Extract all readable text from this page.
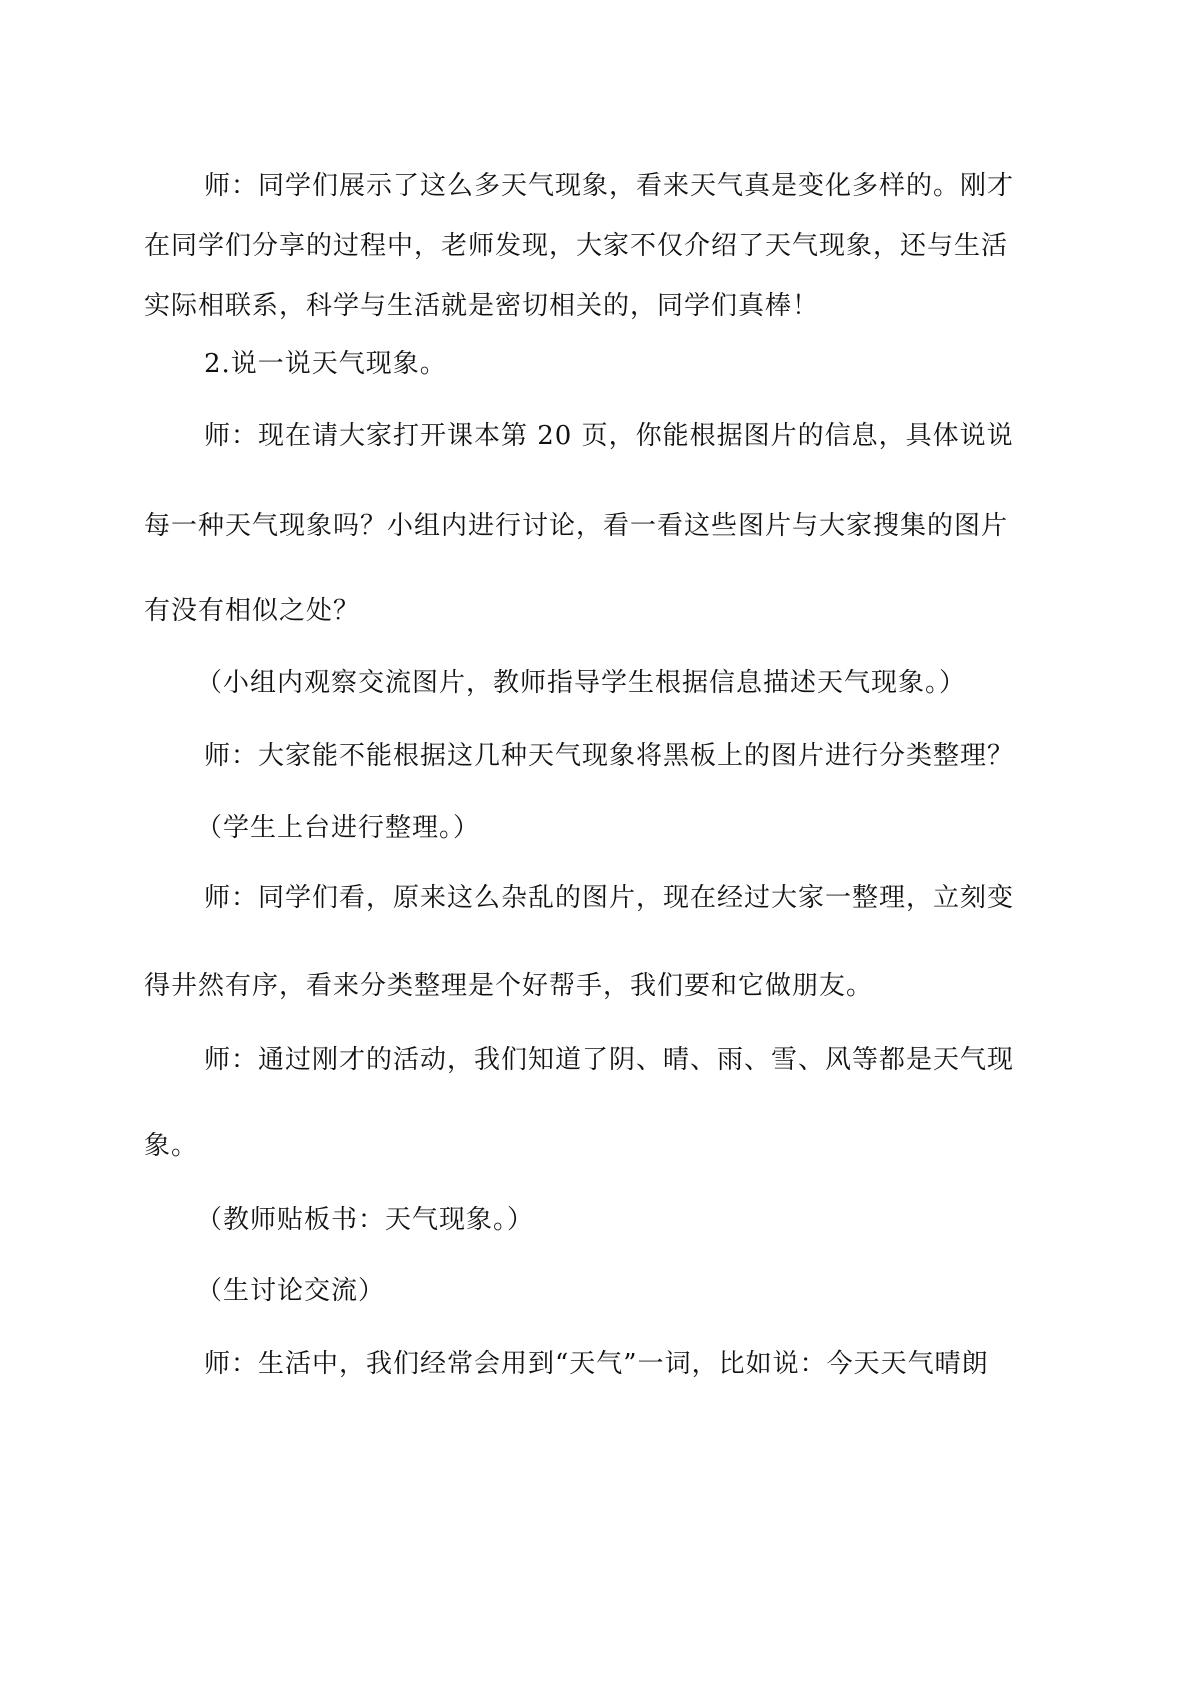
师：同学们展示了这么多天气现象，看来天气真是变化多样的。刚才
在同学们分享的过程中，老师发现，大家不仅介绍了天气现象，还与生活
实际相联系，科学与生活就是密切相关的，同学们真棒！
2.说一说天气现象。
师：现在请大家打开课本第 20 页，你能根据图片的信息，具体说说
每一种天气现象吗？小组内进行讨论，看一看这些图片与大家搜集的图片
有没有相似之处？
（小组内观察交流图片，教师指导学生根据信息描述天气现象。）
师：大家能不能根据这几种天气现象将黑板上的图片进行分类整理？
（学生上台进行整理。）
师：同学们看，原来这么杂乱的图片，现在经过大家一整理，立刻变
得井然有序，看来分类整理是个好帮手，我们要和它做朋友。
师：通过刚才的活动，我们知道了阴、晴、雨、雪、风等都是天气现
象。
（教师贴板书：天气现象。）
（生讨论交流）
师：生活中，我们经常会用到“天气”一词，比如说：今天天气晴朗
